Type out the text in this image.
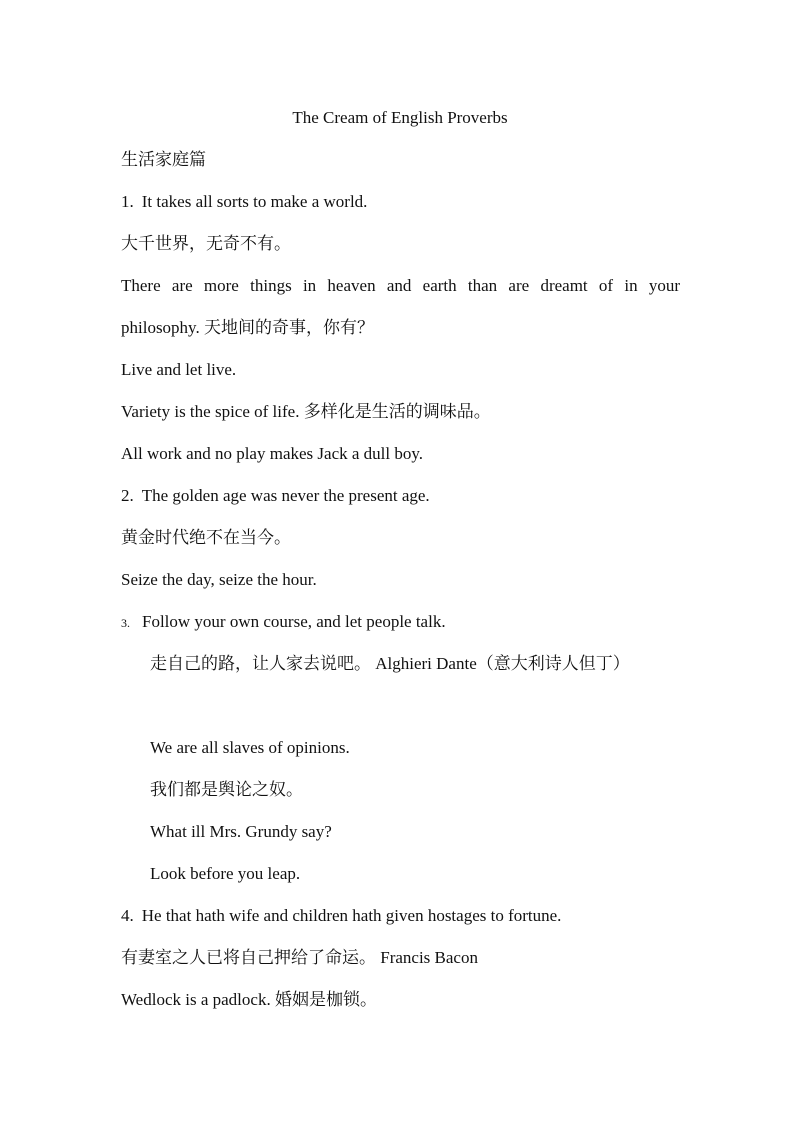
The Cream of English Proverbs
生活家庭篇
1. It takes all sorts to make a world.
大千世界，无奇不有。
There are more things in heaven and earth than are dreamt of in your
philosophy. 天地间的奇事，你有？
Live and let live.
Variety is the spice of life. 多样化是生活的调味品。
All work and no play makes Jack a dull boy.
2. The golden age was never the present age.
黄金时代绝不在当今。
Seize the day, seize the hour.
3. Follow your own course, and let people talk.
走自己的路，让人家去说吧。 Alghieri Dante（意大利诗人但丁）
We are all slaves of opinions.
我们都是舆论之奴。
What ill Mrs. Grundy say?
Look before you leap.
4. He that hath wife and children hath given hostages to fortune.
有妻室之人已将自己押给了命运。 Francis Bacon
Wedlock is a padlock. 婚姻是枷锁。
